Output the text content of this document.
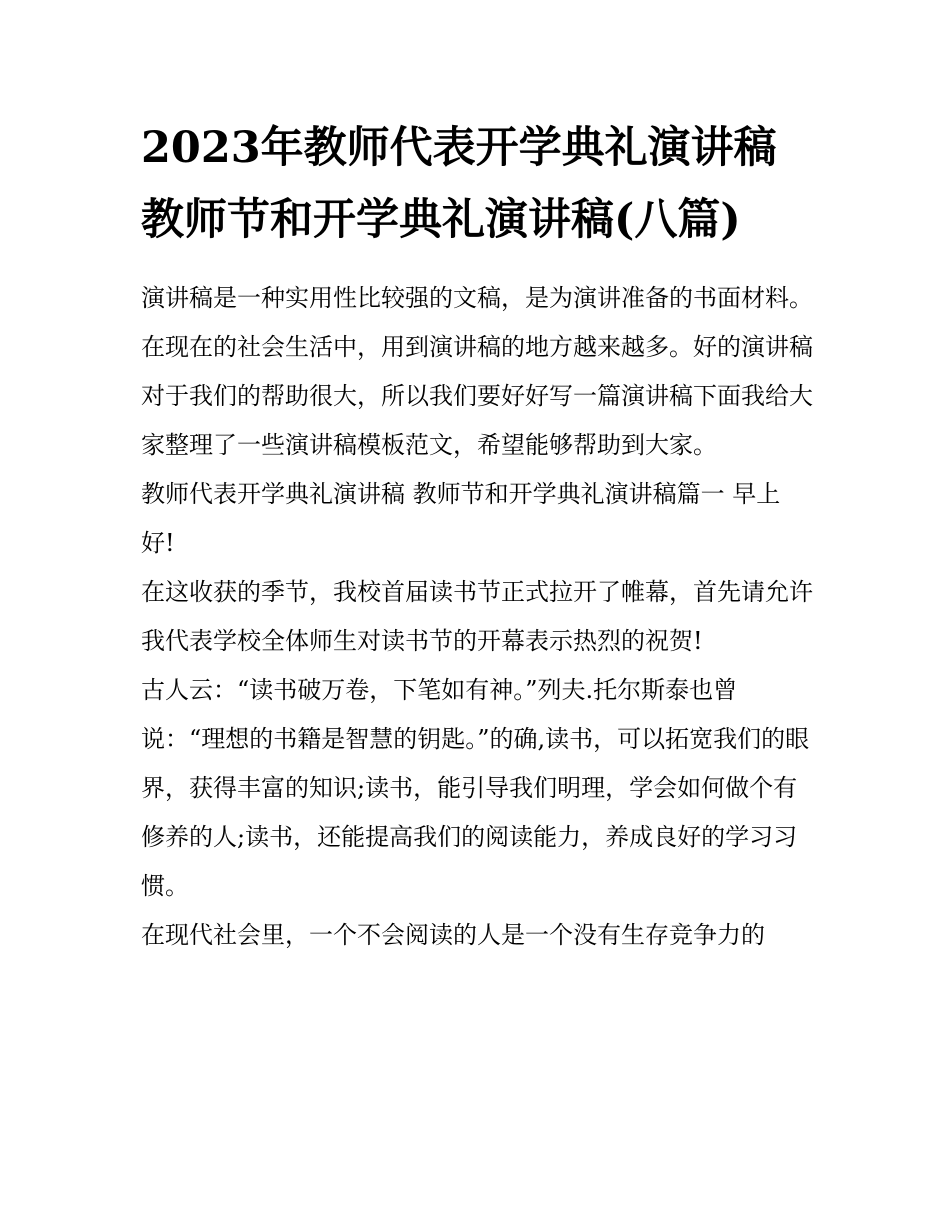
2023年教师代表开学典礼演讲稿 教师节和开学典礼演讲稿(八篇)

演讲稿是一种实用性比较强的文稿，是为演讲准备的书面材料。在现在的社会生活中，用到演讲稿的地方越来越多。好的演讲稿对于我们的帮助很大，所以我们要好好写一篇演讲稿下面我给大家整理了一些演讲稿模板范文，希望能够帮助到大家。

教师代表开学典礼演讲稿 教师节和开学典礼演讲稿篇一 早上好!

在这收获的季节，我校首届读书节正式拉开了帷幕，首先请允许我代表学校全体师生对读书节的开幕表示热烈的祝贺!

古人云：“读书破万卷，下笔如有神。”列夫.托尔斯泰也曾说：“理想的书籍是智慧的钥匙。”的确,读书，可以拓宽我们的眼界，获得丰富的知识;读书，能引导我们明理，学会如何做个有修养的人;读书，还能提高我们的阅读能力，养成良好的学习习惯。

在现代社会里，一个不会阅读的人是一个没有生存竞争力的
